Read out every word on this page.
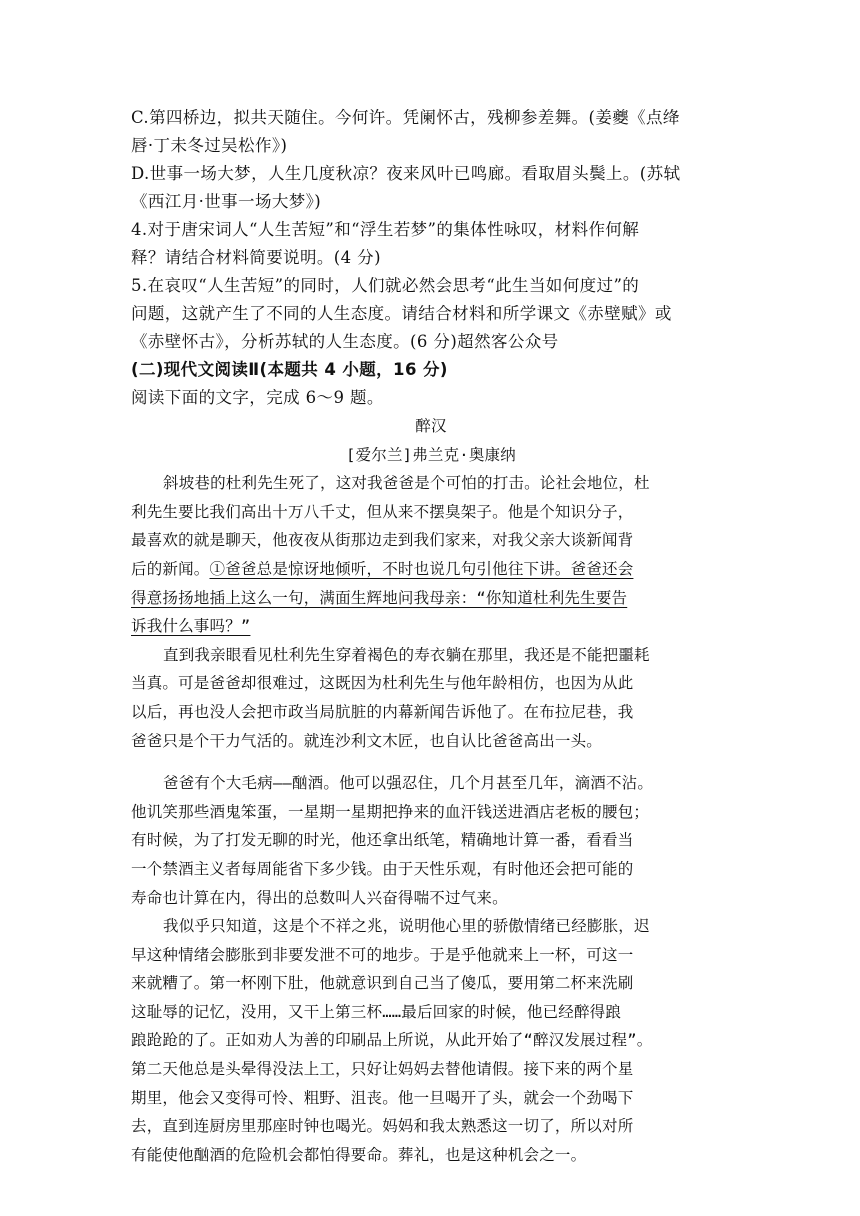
C.第四桥边，拟共天随住。今何许。凭阑怀古，残柳参差舞。(姜夔《点绛
唇·丁未冬过吴松作》)
D.世事一场大梦，人生几度秋凉？夜来风叶已鸣廊。看取眉头鬓上。(苏轼
《西江月·世事一场大梦》)
4.对于唐宋词人“人生苦短”和“浮生若梦”的集体性咏叹，材料作何解
释？请结合材料简要说明。(4 分)
5.在哀叹“人生苦短”的同时，人们就必然会思考“此生当如何度过”的
问题，这就产生了不同的人生态度。请结合材料和所学课文《赤壁赋》或
《赤壁怀古》，分析苏轼的人生态度。(6 分)超然客公众号
(二)现代文阅读Ⅱ(本题共 4 小题，16 分)
阅读下面的文字，完成 6～9 题。
醉汉
[爱尔兰]弗兰克·奥康纳
斜坡巷的杜利先生死了，这对我爸爸是个可怕的打击。论社会地位，杜
利先生要比我们高出十万八千丈，但从来不摆臭架子。他是个知识分子，
最喜欢的就是聊天，他夜夜从街那边走到我们家来，对我父亲大谈新闻背
后的新闻。①爸爸总是惊讶地倾听，不时也说几句引他往下讲。爸爸还会
得意扬扬地插上这么一句，满面生辉地问我母亲：“你知道杜利先生要告
诉我什么事吗？”
直到我亲眼看见杜利先生穿着褐色的寿衣躺在那里，我还是不能把噩耗
当真。可是爸爸却很难过，这既因为杜利先生与他年龄相仿，也因为从此
以后，再也没人会把市政当局肮脏的内幕新闻告诉他了。在布拉尼巷，我
爸爸只是个干力气活的。就连沙利文木匠，也自认比爸爸高出一头。
爸爸有个大毛病——酗酒。他可以强忍住，几个月甚至几年，滴酒不沾。
他讥笑那些酒鬼笨蛋，一星期一星期把挣来的血汗钱送进酒店老板的腰包；
有时候，为了打发无聊的时光，他还拿出纸笔，精确地计算一番，看看当
一个禁酒主义者每周能省下多少钱。由于天性乐观，有时他还会把可能的
寿命也计算在内，得出的总数叫人兴奋得喘不过气来。
我似乎只知道，这是个不祥之兆，说明他心里的骄傲情绪已经膨胀，迟
早这种情绪会膨胀到非要发泄不可的地步。于是乎他就来上一杯，可这一
来就糟了。第一杯刚下肚，他就意识到自己当了傻瓜，要用第二杯来洗刷
这耻辱的记忆，没用，又干上第三杯……最后回家的时候，他已经醉得踉
踉跄跄的了。正如劝人为善的印刷品上所说，从此开始了“醉汉发展过程”。
第二天他总是头晕得没法上工，只好让妈妈去替他请假。接下来的两个星
期里，他会又变得可怜、粗野、沮丧。他一旦喝开了头，就会一个劲喝下
去，直到连厨房里那座时钟也喝光。妈妈和我太熟悉这一切了，所以对所
有能使他酗酒的危险机会都怕得要命。葬礼，也是这种机会之一。
